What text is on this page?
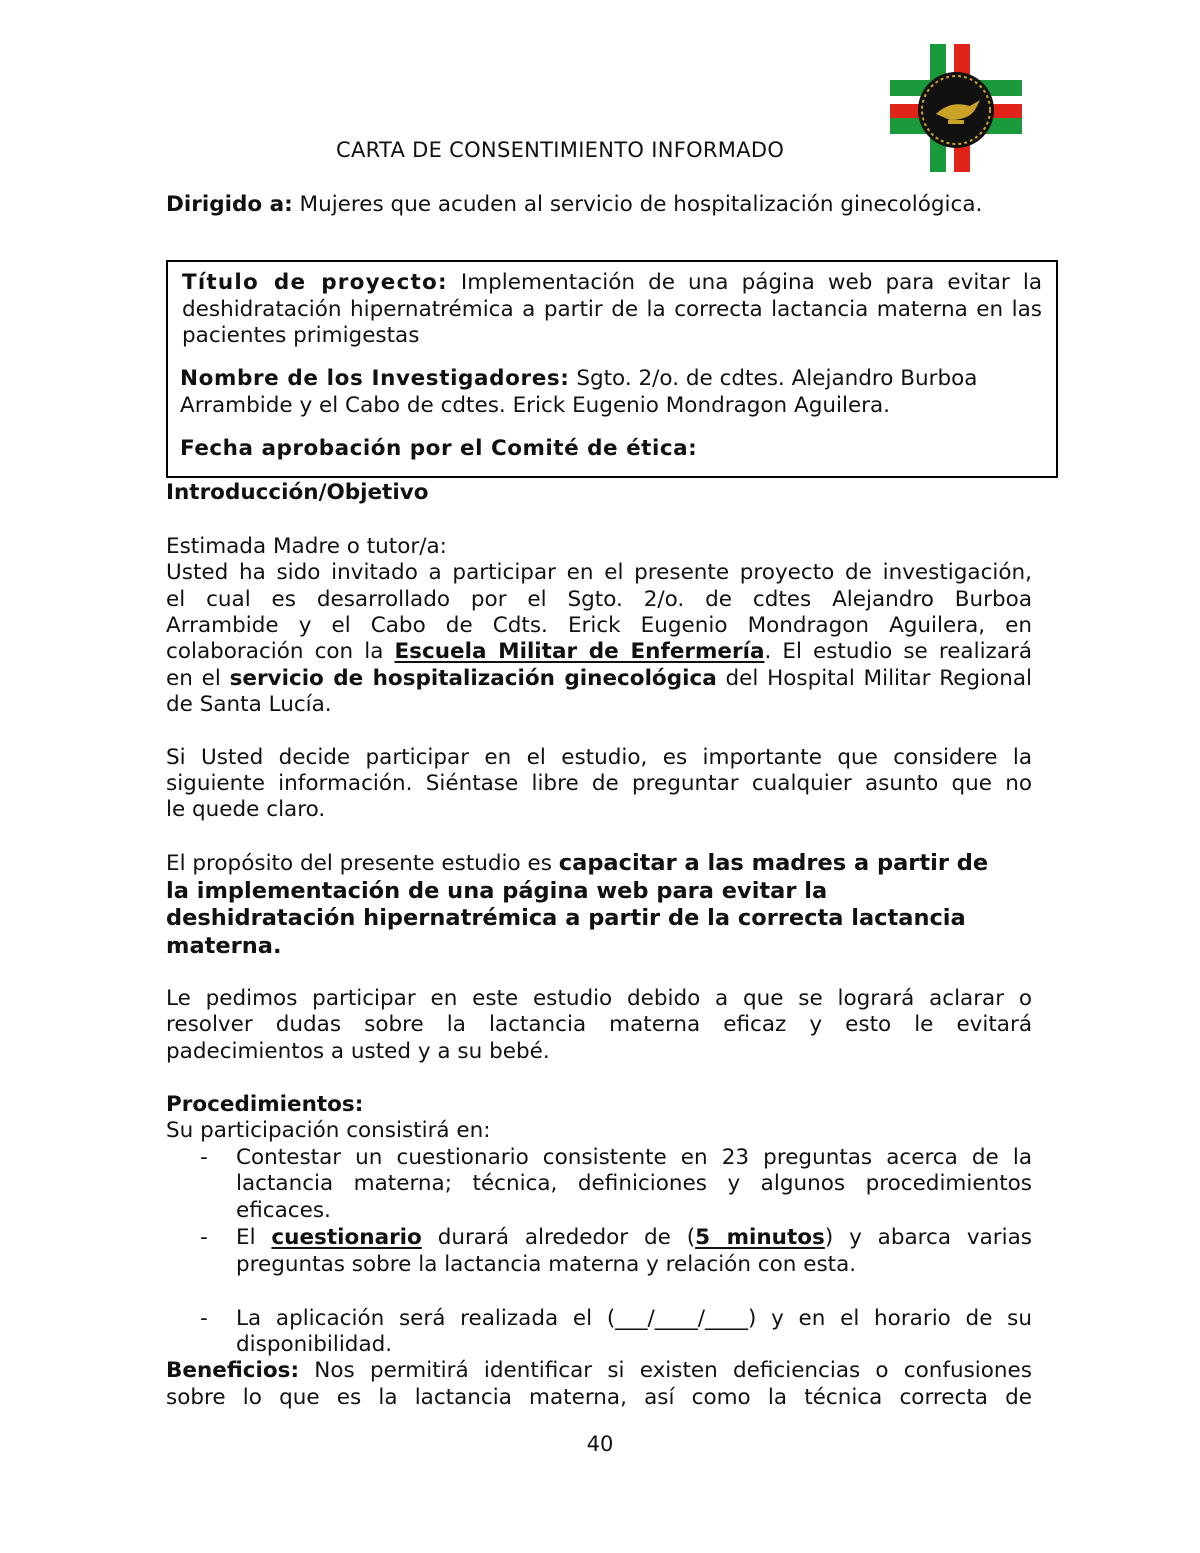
CARTA DE CONSENTIMIENTO INFORMADO
Dirigido a: Mujeres que acuden al servicio de hospitalización ginecológica.
Título de proyecto: Implementación de una página web para evitar la
deshidratación hipernatrémica a partir de la correcta lactancia materna en las
pacientes primigestas
Nombre de los Investigadores: Sgto. 2/o. de cdtes. Alejandro Burboa
Arrambide y el Cabo de cdtes. Erick Eugenio Mondragon Aguilera.
Fecha aprobación por el Comité de ética:
Introducción/Objetivo
Estimada Madre o tutor/a:
Usted ha sido invitado a participar en el presente proyecto de investigación,
el cual es desarrollado por el Sgto. 2/o. de cdtes Alejandro Burboa
Arrambide y el Cabo de Cdts. Erick Eugenio Mondragon Aguilera, en
colaboración con la Escuela Militar de Enfermería. El estudio se realizará
en el servicio de hospitalización ginecológica del Hospital Militar Regional
de Santa Lucía.
Si Usted decide participar en el estudio, es importante que considere la
siguiente información. Siéntase libre de preguntar cualquier asunto que no
le quede claro.
El propósito del presente estudio es capacitar a las madres a partir de
la implementación de una página web para evitar la
deshidratación hipernatrémica a partir de la correcta lactancia
materna.
Le pedimos participar en este estudio debido a que se logrará aclarar o
resolver dudas sobre la lactancia materna eficaz y esto le evitará
padecimientos a usted y a su bebé.
Procedimientos:
Su participación consistirá en:
- Contestar un cuestionario consistente en 23 preguntas acerca de la
lactancia materna; técnica, definiciones y algunos procedimientos
eficaces.
- El cuestionario durará alrededor de (5 minutos) y abarca varias
preguntas sobre la lactancia materna y relación con esta.
- La aplicación será realizada el (___/____/____) y en el horario de su
disponibilidad.
Beneficios: Nos permitirá identificar si existen deficiencias o confusiones
sobre lo que es la lactancia materna, así como la técnica correcta de
40
